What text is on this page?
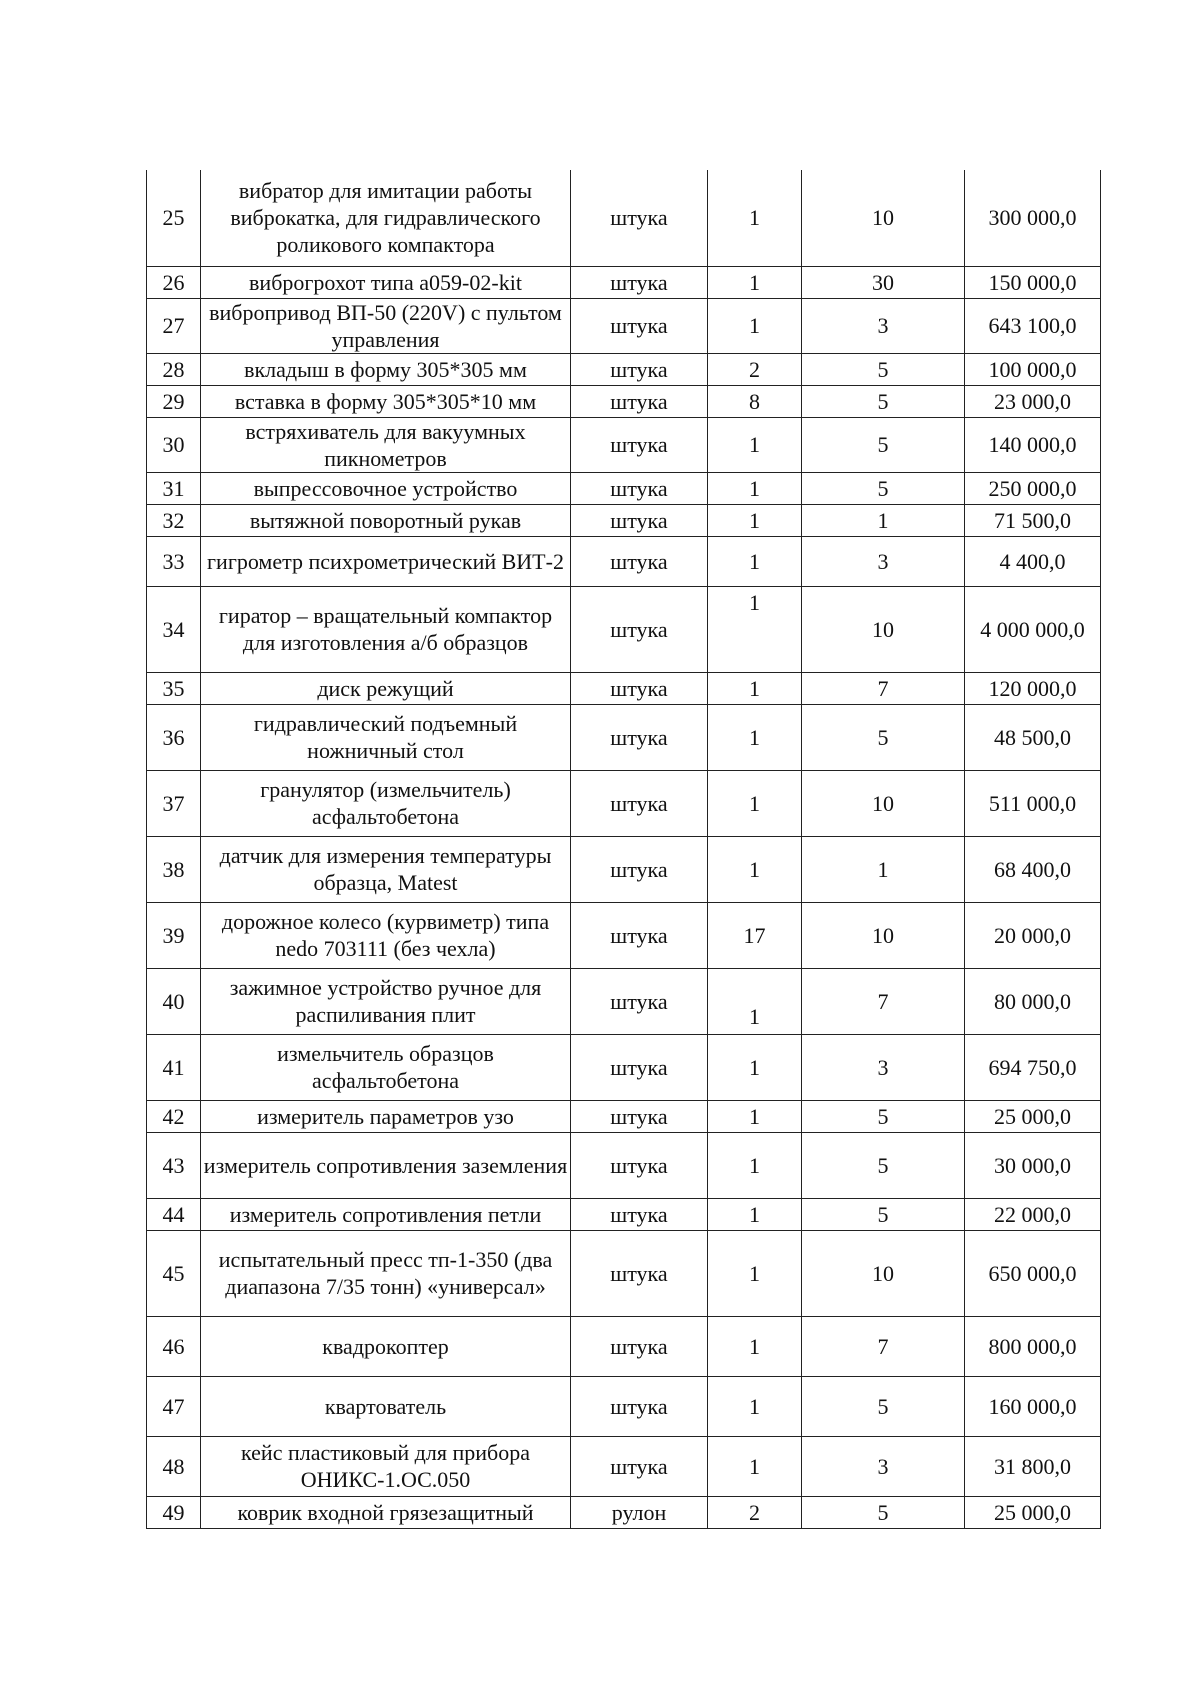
25	вибратор для имитации работы виброкатка, для гидравлического роликового компактора	штука	1	10	300 000,0
26	виброгрохот типа а059-02-kit	штука	1	30	150 000,0
27	вибропривод ВП-50 (220V) с пультом управления	штука	1	3	643 100,0
28	вкладыш в форму 305*305 мм	штука	2	5	100 000,0
29	вставка в форму 305*305*10 мм	штука	8	5	23 000,0
30	встряхиватель для вакуумных пикнометров	штука	1	5	140 000,0
31	выпрессовочное устройство	штука	1	5	250 000,0
32	вытяжной поворотный рукав	штука	1	1	71 500,0
33	гигрометр психрометрический ВИТ-2	штука	1	3	4 400,0
34	гиратор – вращательный компактор для изготовления а/б образцов	штука	1	10	4 000 000,0
35	диск режущий	штука	1	7	120 000,0
36	гидравлический подъемный ножничный стол	штука	1	5	48 500,0
37	гранулятор (измельчитель) асфальтобетона	штука	1	10	511 000,0
38	датчик для измерения температуры образца, Matest	штука	1	1	68 400,0
39	дорожное колесо (курвиметр) типа nedo 703111 (без чехла)	штука	17	10	20 000,0
40	зажимное устройство ручное для распиливания плит	штука	1	7	80 000,0
41	измельчитель образцов асфальтобетона	штука	1	3	694 750,0
42	измеритель параметров узо	штука	1	5	25 000,0
43	измеритель сопротивления заземления	штука	1	5	30 000,0
44	измеритель сопротивления петли	штука	1	5	22 000,0
45	испытательный пресс тп-1-350 (два диапазона 7/35 тонн) «универсал»	штука	1	10	650 000,0
46	квадрокоптер	штука	1	7	800 000,0
47	квартователь	штука	1	5	160 000,0
48	кейс пластиковый для прибора ОНИКС-1.ОС.050	штука	1	3	31 800,0
49	коврик входной грязезащитный	рулон	2	5	25 000,0
